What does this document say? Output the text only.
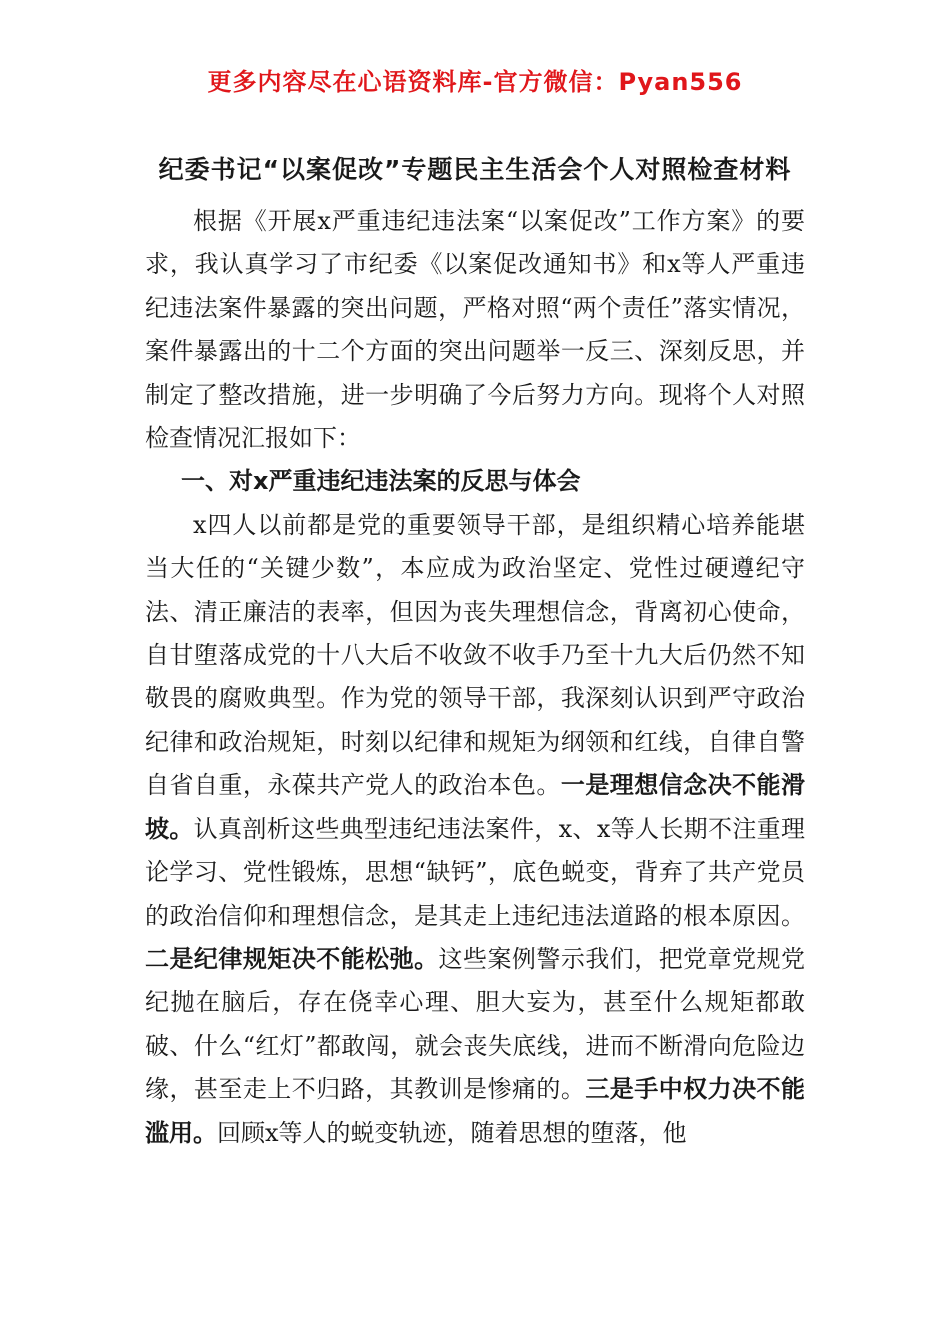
更多内容尽在心语资料库-官方微信：Pyan556
纪委书记“以案促改”专题民主生活会个人对照检查材料

根据《开展x严重违纪违法案“以案促改”工作方案》的要求，我认真学习了市纪委《以案促改通知书》和x等人严重违纪违法案件暴露的突出问题，严格对照“两个责任”落实情况，案件暴露出的十二个方面的突出问题举一反三、深刻反思，并制定了整改措施，进一步明确了今后努力方向。现将个人对照检查情况汇报如下：

一、对x严重违纪违法案的反思与体会

x四人以前都是党的重要领导干部，是组织精心培养能堪当大任的“关键少数”，本应成为政治坚定、党性过硬遵纪守法、清正廉洁的表率，但因为丧失理想信念，背离初心使命，自甘堕落成党的十八大后不收敛不收手乃至十九大后仍然不知敬畏的腐败典型。作为党的领导干部，我深刻认识到严守政治纪律和政治规矩，时刻以纪律和规矩为纲领和红线，自律自警自省自重，永葆共产党人的政治本色。一是理想信念决不能滑坡。认真剖析这些典型违纪违法案件，x、x等人长期不注重理论学习、党性锻炼，思想“缺钙”，底色蜕变，背弃了共产党员的政治信仰和理想信念，是其走上违纪违法道路的根本原因。二是纪律规矩决不能松弛。这些案例警示我们，把党章党规党纪抛在脑后，存在侥幸心理、胆大妄为，甚至什么规矩都敢破、什么“红灯”都敢闯，就会丧失底线，进而不断滑向危险边缘，甚至走上不归路，其教训是惨痛的。三是手中权力决不能滥用。回顾x等人的蜕变轨迹，随着思想的堕落，他
